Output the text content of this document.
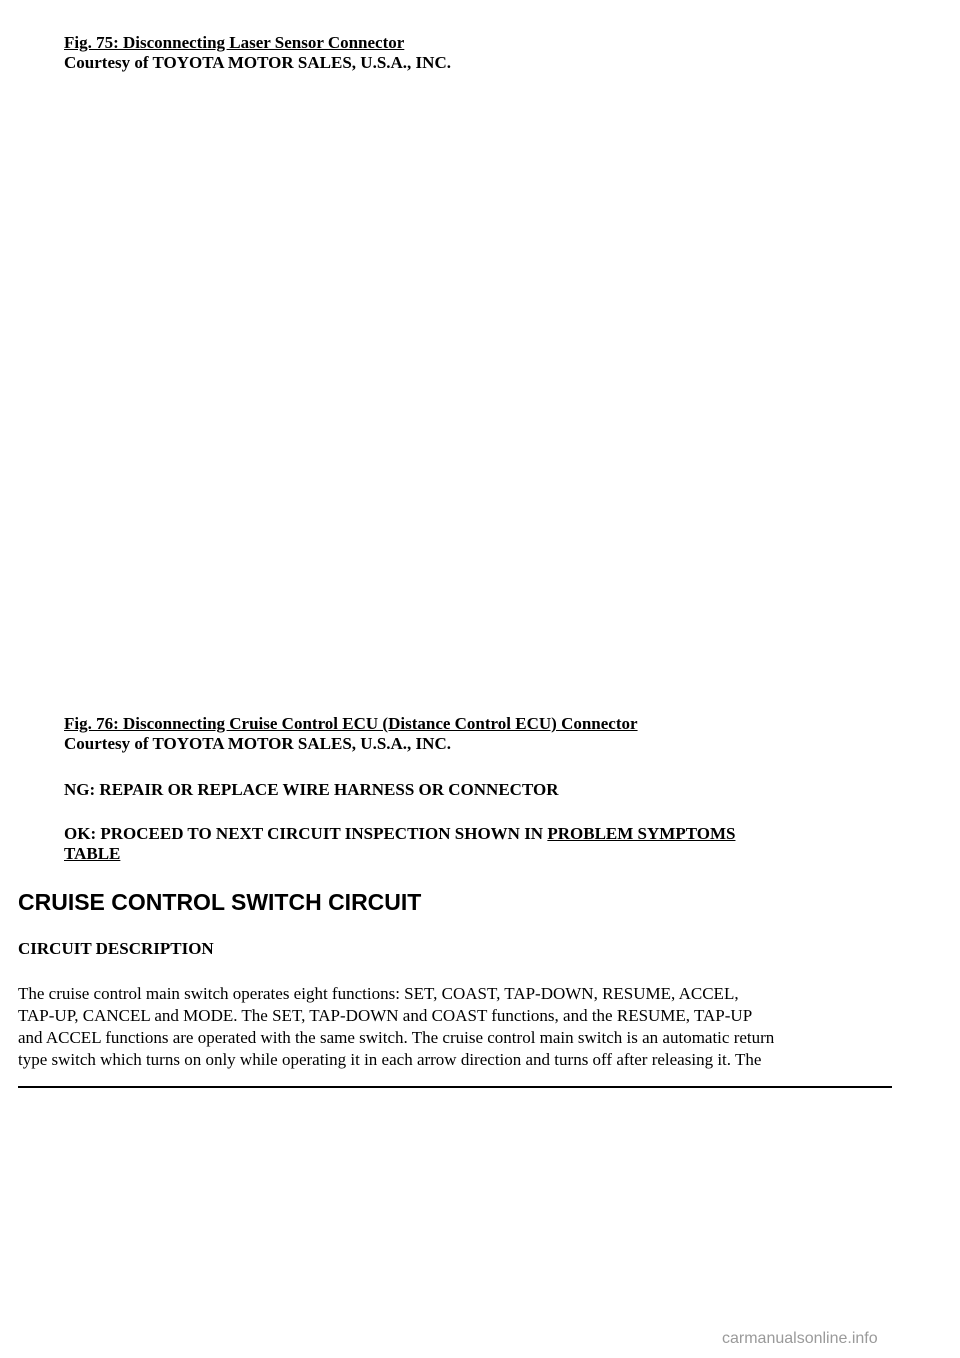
Fig. 75: Disconnecting Laser Sensor Connector
Courtesy of TOYOTA MOTOR SALES, U.S.A., INC.
Fig. 76: Disconnecting Cruise Control ECU (Distance Control ECU) Connector
Courtesy of TOYOTA MOTOR SALES, U.S.A., INC.
NG: REPAIR OR REPLACE WIRE HARNESS OR CONNECTOR
OK: PROCEED TO NEXT CIRCUIT INSPECTION SHOWN IN PROBLEM SYMPTOMS
TABLE
CRUISE CONTROL SWITCH CIRCUIT
CIRCUIT DESCRIPTION
The cruise control main switch operates eight functions: SET, COAST, TAP-DOWN, RESUME, ACCEL,
TAP-UP, CANCEL and MODE. The SET, TAP-DOWN and COAST functions, and the RESUME, TAP-UP
and ACCEL functions are operated with the same switch. The cruise control main switch is an automatic return
type switch which turns on only while operating it in each arrow direction and turns off after releasing it. The
carmanualsonline.info
